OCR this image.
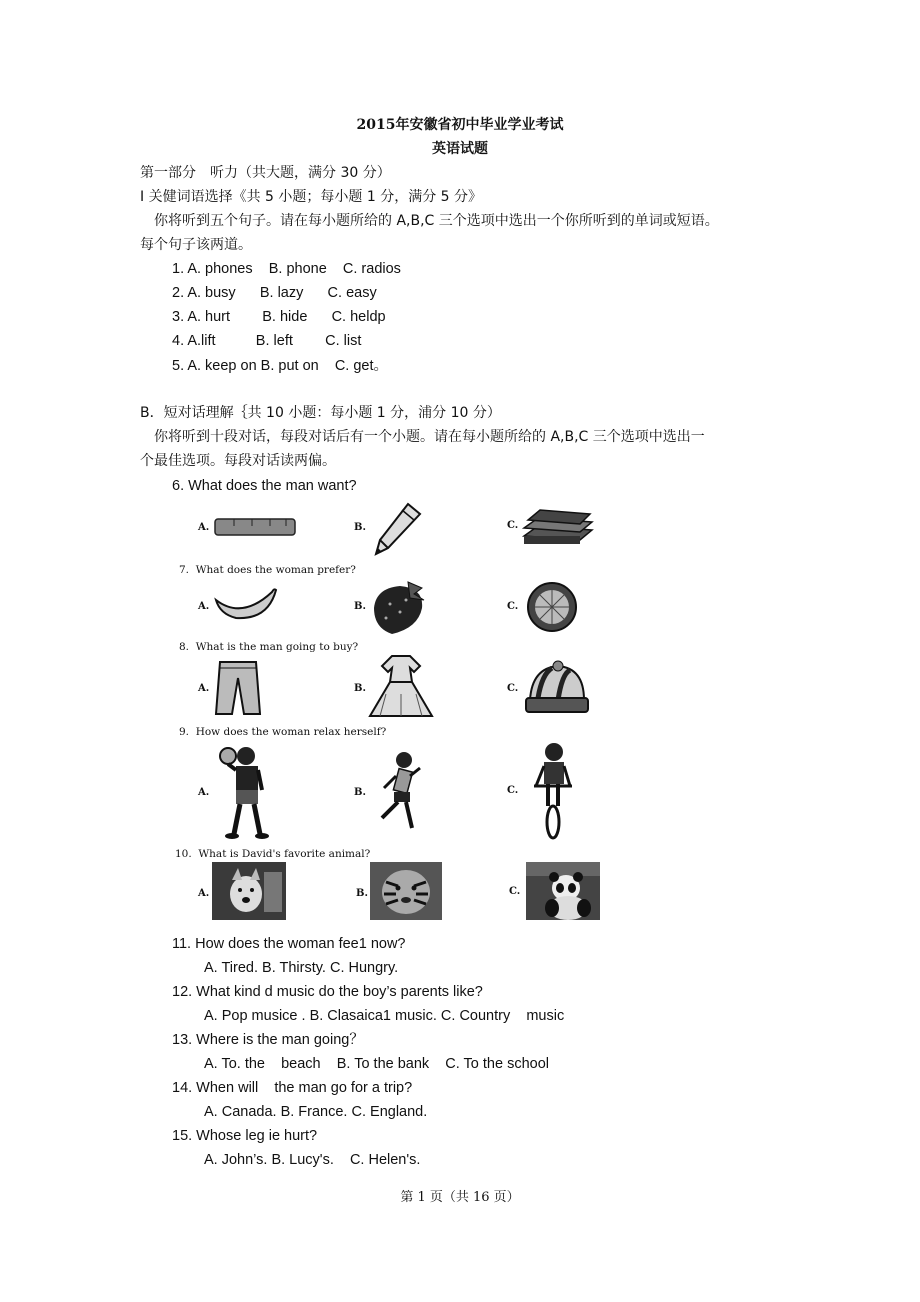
2015年安徽省初中毕业学业考试
英语试题
第一部分　听力（共大题，满分 30 分）
I 关健词语选择《共 5 小题；每小题 1 分，满分 5 分》
你将听到五个句子。请在每小题所给的 A,B,C 三个选项中选出一个你所听到的单词或短语。
每个句子该两道。
1. A. phones    B. phone    C. radios
2. A. busy      B. lazy      C. easy
3. A. hurt        B. hide      C. heldp
4. A.lift          B. left        C. list
5. A. keep on B. put on    C. get。
B．短对话理解｛共 10 小题：每小题 1 分，浦分 10 分）
你将听到十段对话，每段对话后有一个小题。请在每小题所给的 A,B,C 三个选项中选出一
个最佳选项。每段对话读两偏。
6. What does the man want?
A.	B.	C.
7.  What does the woman prefer?
A.	B.	C.
8.  What is the man going to buy?
A.	B.	C.
9.  How does the woman relax herself?
A.	B.	C.
10.  What is David's favorite animal?
A.	B.	C.
11. How does the woman fee1 now?
A. Tired. B. Thirsty. C. Hungry.
12. What kind d music do the boy’s parents like?
A. Pop musice . B. Clasaica1 music. C. Country    music
13. Where is the man going？
A. To. the    beach    B. To the bank    C. To the school
14. When will    the man go for a trip?
A. Canada. B. France. C. England.
15. Whose leg ie hurt?
A. John’s. B. Lucy's.    C. Helen's.
第 1 页（共 16 页）
